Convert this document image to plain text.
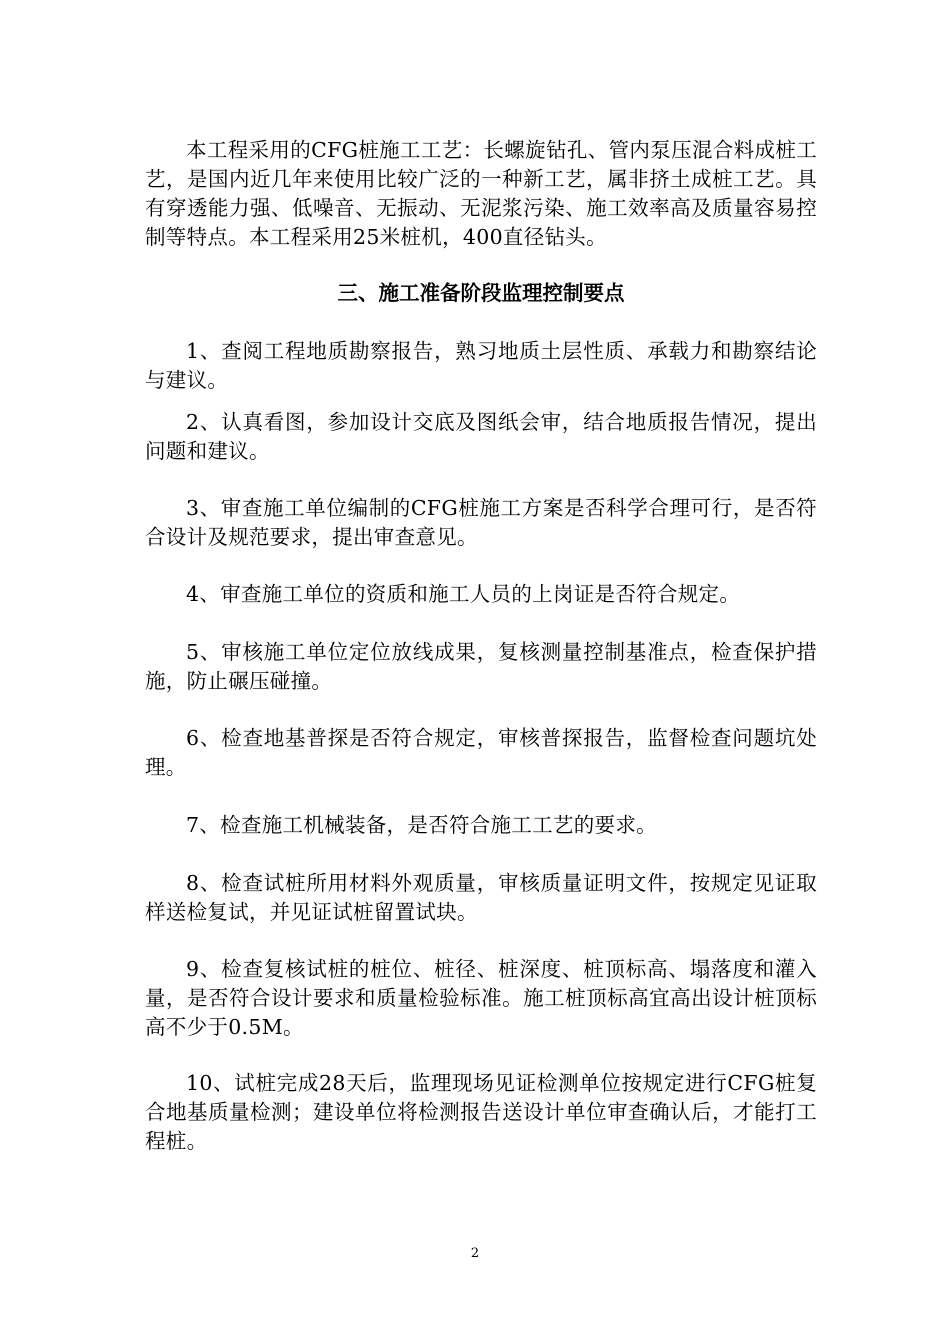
本工程采用的CFG桩施工工艺：长螺旋钻孔、管内泵压混合料成桩工艺，是国内近几年来使用比较广泛的一种新工艺，属非挤土成桩工艺。具有穿透能力强、低噪音、无振动、无泥浆污染、施工效率高及质量容易控制等特点。本工程采用25米桩机，400直径钻头。

三、施工准备阶段监理控制要点

1、查阅工程地质勘察报告，熟习地质土层性质、承载力和勘察结论与建议。

2、认真看图，参加设计交底及图纸会审，结合地质报告情况，提出问题和建议。

3、审查施工单位编制的CFG桩施工方案是否科学合理可行，是否符合设计及规范要求，提出审查意见。

4、审查施工单位的资质和施工人员的上岗证是否符合规定。

5、审核施工单位定位放线成果，复核测量控制基准点，检查保护措施，防止碾压碰撞。

6、检查地基普探是否符合规定，审核普探报告，监督检查问题坑处理。

7、检查施工机械装备，是否符合施工工艺的要求。

8、检查试桩所用材料外观质量，审核质量证明文件，按规定见证取样送检复试，并见证试桩留置试块。

9、检查复核试桩的桩位、桩径、桩深度、桩顶标高、塌落度和灌入量，是否符合设计要求和质量检验标准。施工桩顶标高宜高出设计桩顶标高不少于0.5M。

10、试桩完成28天后，监理现场见证检测单位按规定进行CFG桩复合地基质量检测；建设单位将检测报告送设计单位审查确认后，才能打工程桩。

2
